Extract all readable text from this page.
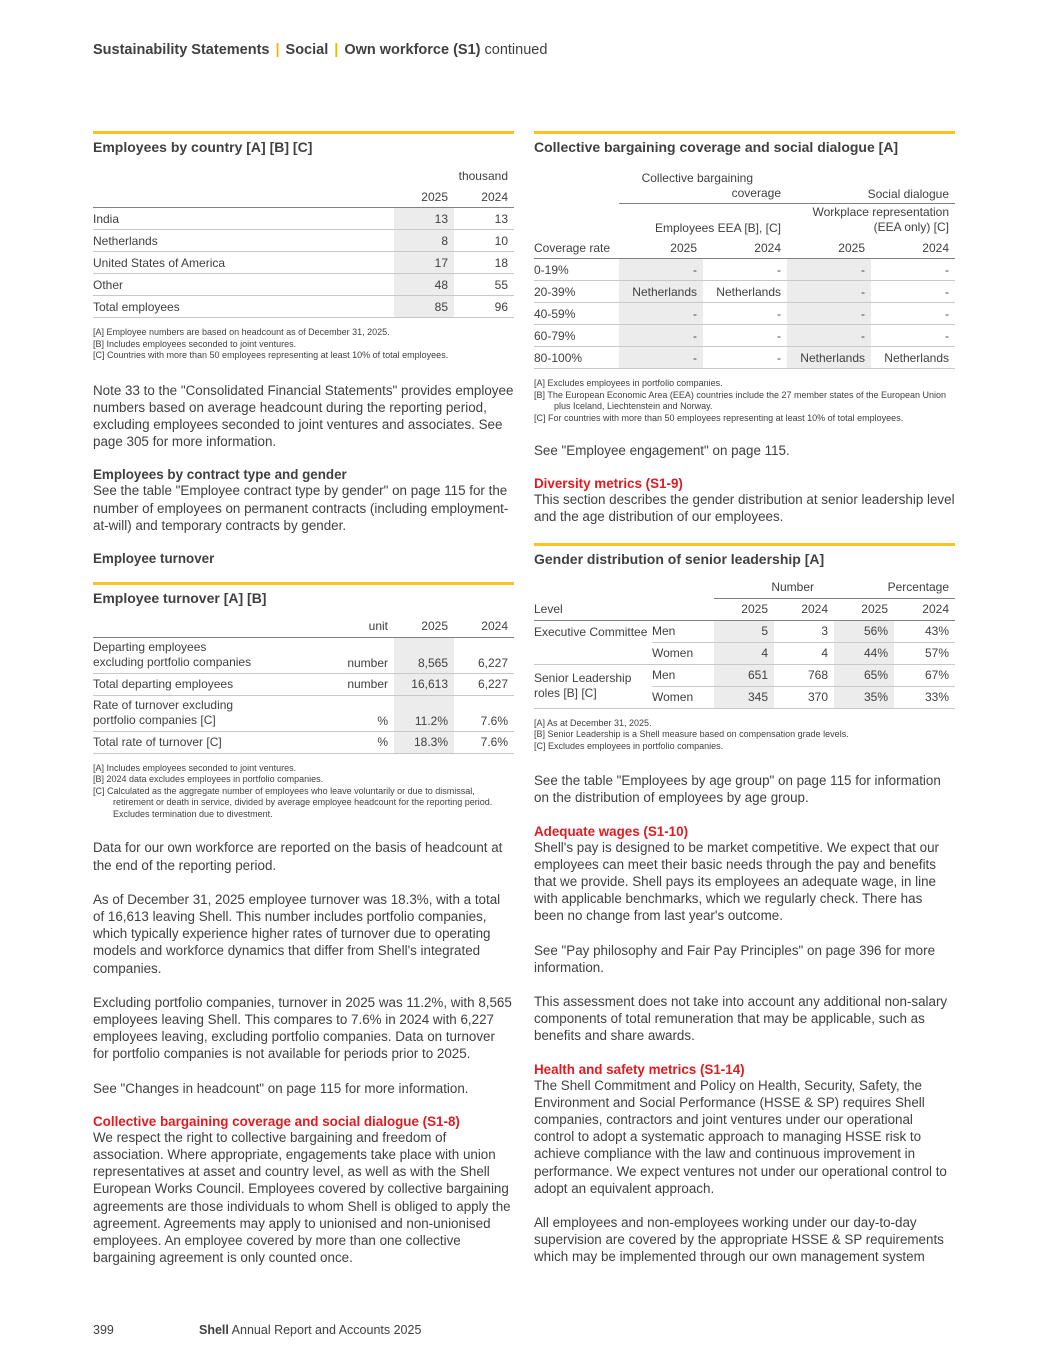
Sustainability Statements | Social | Own workforce (S1) continued
Employees by country [A] [B] [C]
		thousand
	2025	2024
India	13	13
Netherlands	8	10
United States of America	17	18
Other	48	55
Total employees	85	96
[A] Employee numbers are based on headcount as of December 31, 2025.
[B] Includes employees seconded to joint ventures.
[C] Countries with more than 50 employees representing at least 10% of total employees.

Note 33 to the "Consolidated Financial Statements" provides employee numbers based on average headcount during the reporting period, excluding employees seconded to joint ventures and associates. See page 305 for more information.

Employees by contract type and gender

See the table "Employee contract type by gender" on page 115 for the number of employees on permanent contracts (including employment-at-will) and temporary contracts by gender.

Employee turnover
Employee turnover [A] [B]
	unit	2025	2024
Departing employees
excluding portfolio companies	number	8,565	6,227
Total departing employees	number	16,613	6,227
Rate of turnover excluding
portfolio companies [C]	%	11.2%	7.6%
Total rate of turnover [C]	%	18.3%	7.6%
[A] Includes employees seconded to joint ventures.
[B] 2024 data excludes employees in portfolio companies.
[C] Calculated as the aggregate number of employees who leave voluntarily or due to dismissal, retirement or death in service, divided by average employee headcount for the reporting period. Excludes termination due to divestment.

Data for our own workforce are reported on the basis of headcount at the end of the reporting period.

As of December 31, 2025 employee turnover was 18.3%, with a total of 16,613 leaving Shell. This number includes portfolio companies, which typically experience higher rates of turnover due to operating models and workforce dynamics that differ from Shell's integrated companies.

Excluding portfolio companies, turnover in 2025 was 11.2%, with 8,565 employees leaving Shell. This compares to 7.6% in 2024 with 6,227 employees leaving, excluding portfolio companies. Data on turnover for portfolio companies is not available for periods prior to 2025.

See "Changes in headcount" on page 115 for more information.

Collective bargaining coverage and social dialogue (S1-8)

We respect the right to collective bargaining and freedom of association. Where appropriate, engagements take place with union representatives at asset and country level, as well as with the Shell European Works Council. Employees covered by collective bargaining agreements are those individuals to whom Shell is obliged to apply the agreement. Agreements may apply to unionised and non-unionised employees. An employee covered by more than one collective bargaining agreement is only counted once.

Collective bargaining coverage and social dialogue [A]
	Collective bargaining
coverage		Social dialogue	
	Employees EEA [B], [C]		Workplace representation
(EEA only) [C]	
Coverage rate	2025	2024	2025	2024
0-19%	-	-	-	-
20-39%	Netherlands	Netherlands	-	-
40-59%	-	-	-	-
60-79%	-	-	-	-
80-100%	-	-	Netherlands	Netherlands
[A] Excludes employees in portfolio companies.
[B] The European Economic Area (EEA) countries include the 27 member states of the European Union plus Iceland, Liechtenstein and Norway.
[C] For countries with more than 50 employees representing at least 10% of total employees.

See "Employee engagement" on page 115.

Diversity metrics (S1-9)

This section describes the gender distribution at senior leadership level and the age distribution of our employees.

Gender distribution of senior leadership [A]
		Number		Percentage	
Level		2025	2024	2025	2024
Executive Committee	Men	5	3	56%	43%
	Women	4	4	44%	57%
Senior Leadership roles [B] [C]	Men	651	768	65%	67%
	Women	345	370	35%	33%
[A] As at December 31, 2025.
[B] Senior Leadership is a Shell measure based on compensation grade levels.
[C] Excludes employees in portfolio companies.

See the table "Employees by age group" on page 115 for information on the distribution of employees by age group.

Adequate wages (S1-10)

Shell's pay is designed to be market competitive. We expect that our employees can meet their basic needs through the pay and benefits that we provide. Shell pays its employees an adequate wage, in line with applicable benchmarks, which we regularly check. There has been no change from last year's outcome.

See "Pay philosophy and Fair Pay Principles" on page 396 for more information.

This assessment does not take into account any additional non-salary components of total remuneration that may be applicable, such as benefits and share awards.

Health and safety metrics (S1-14)

The Shell Commitment and Policy on Health, Security, Safety, the Environment and Social Performance (HSSE & SP) requires Shell companies, contractors and joint ventures under our operational control to adopt a systematic approach to managing HSSE risk to achieve compliance with the law and continuous improvement in performance. We expect ventures not under our operational control to adopt an equivalent approach.

All employees and non-employees working under our day-to-day supervision are covered by the appropriate HSSE & SP requirements which may be implemented through our own management system

399	Shell Annual Report and Accounts 2025
